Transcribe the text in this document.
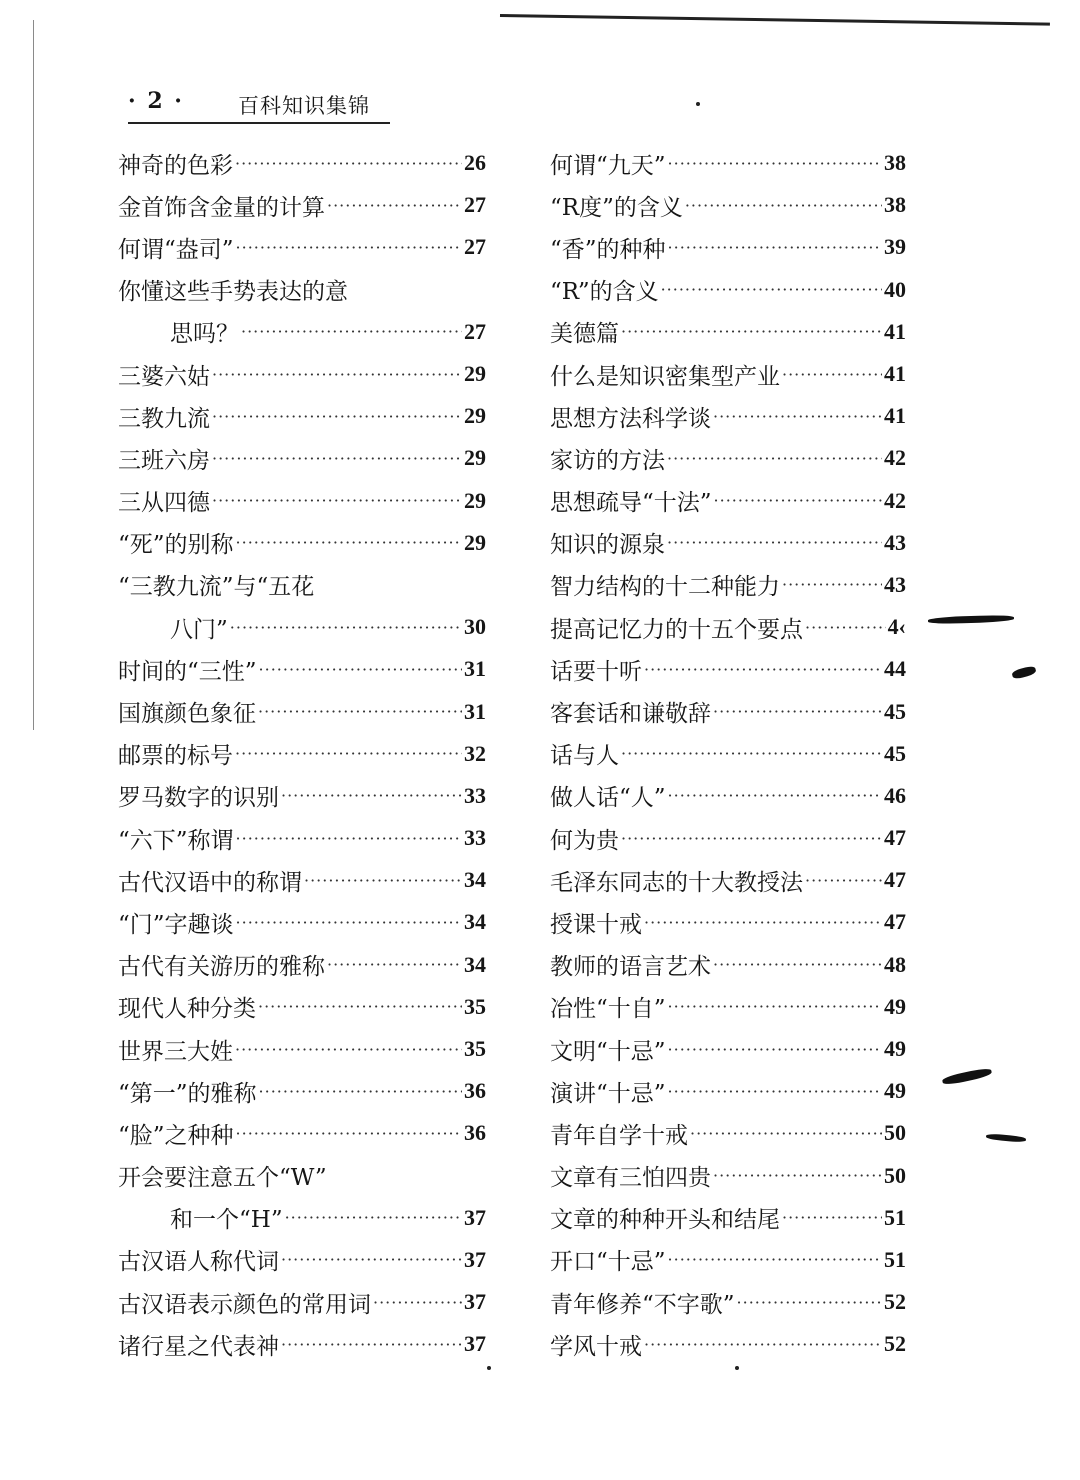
· 2 ·	百科知识集锦
神奇的色彩 ·····	26
金首饰含金量的计算 ·····	27
何谓“盎司” ·····	27
你懂这些手势表达的意
思吗？ ·····	27
三婆六姑 ·····	29
三教九流 ·····	29
三班六房 ·····	29
三从四德 ·····	29
“死”的别称 ·····	29
“三教九流”与“五花
八门” ·····	30
时间的“三性” ·····	31
国旗颜色象征 ·····	31
邮票的标号 ·····	32
罗马数字的识别 ·····	33
“六下”称谓 ·····	33
古代汉语中的称谓 ·····	34
“门”字趣谈 ·····	34
古代有关游历的雅称 ·····	34
现代人种分类 ·····	35
世界三大姓 ·····	35
“第一”的雅称 ·····	36
“脸”之种种 ·····	36
开会要注意五个“W”
和一个“H” ·····	37
古汉语人称代词 ·····	37
古汉语表示颜色的常用词 ·····	37
诸行星之代表神 ·····	37
何谓“九天” ·····	38
“R度”的含义 ·····	38
“香”的种种 ·····	39
“R”的含义 ·····	40
美德篇 ·····	41
什么是知识密集型产业 ·····	41
思想方法科学谈 ·····	41
家访的方法 ·····	42
思想疏导“十法” ·····	42
知识的源泉 ·····	43
智力结构的十二种能力 ·····	43
提高记忆力的十五个要点 ·····	4‹
话要十听 ·····	44
客套话和谦敬辞 ·····	45
话与人 ·····	45
做人话“人” ·····	46
何为贵 ·····	47
毛泽东同志的十大教授法 ·····	47
授课十戒 ·····	47
教师的语言艺术 ·····	48
冶性“十自” ·····	49
文明“十忌” ·····	49
演讲“十忌” ·····	49
青年自学十戒 ·····	50
文章有三怕四贵 ·····	50
文章的种种开头和结尾 ·····	51
开口“十忌” ·····	51
青年修养“不字歌” ·····	52
学风十戒 ·····	52
